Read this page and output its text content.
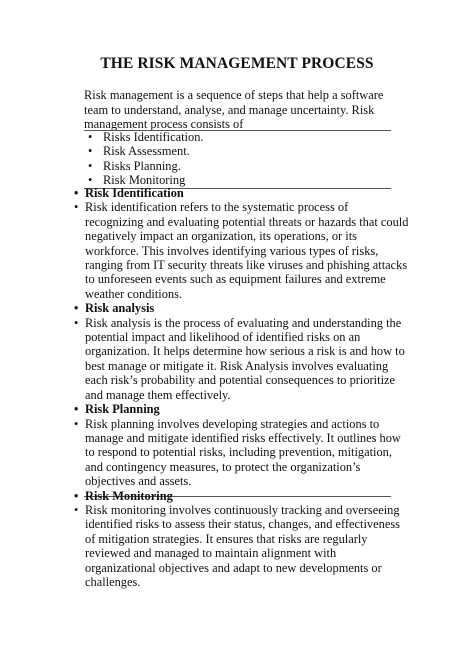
THE RISK MANAGEMENT PROCESS
Risk management is a sequence of steps that help a software team to understand, analyse, and manage uncertainty. Risk management process consists of
• Risks Identification.
• Risk Assessment.
• Risks Planning.
• Risk Monitoring
• Risk Identification
• Risk identification refers to the systematic process of recognizing and evaluating potential threats or hazards that could negatively impact an organization, its operations, or its workforce. This involves identifying various types of risks, ranging from IT security threats like viruses and phishing attacks to unforeseen events such as equipment failures and extreme weather conditions.
• Risk analysis
• Risk analysis is the process of evaluating and understanding the potential impact and likelihood of identified risks on an organization. It helps determine how serious a risk is and how to best manage or mitigate it. Risk Analysis involves evaluating each risk’s probability and potential consequences to prioritize and manage them effectively.
• Risk Planning
• Risk planning involves developing strategies and actions to manage and mitigate identified risks effectively. It outlines how to respond to potential risks, including prevention, mitigation, and contingency measures, to protect the organization’s objectives and assets.
• Risk Monitoring
• Risk monitoring involves continuously tracking and overseeing identified risks to assess their status, changes, and effectiveness of mitigation strategies. It ensures that risks are regularly reviewed and managed to maintain alignment with organizational objectives and adapt to new developments or challenges.
